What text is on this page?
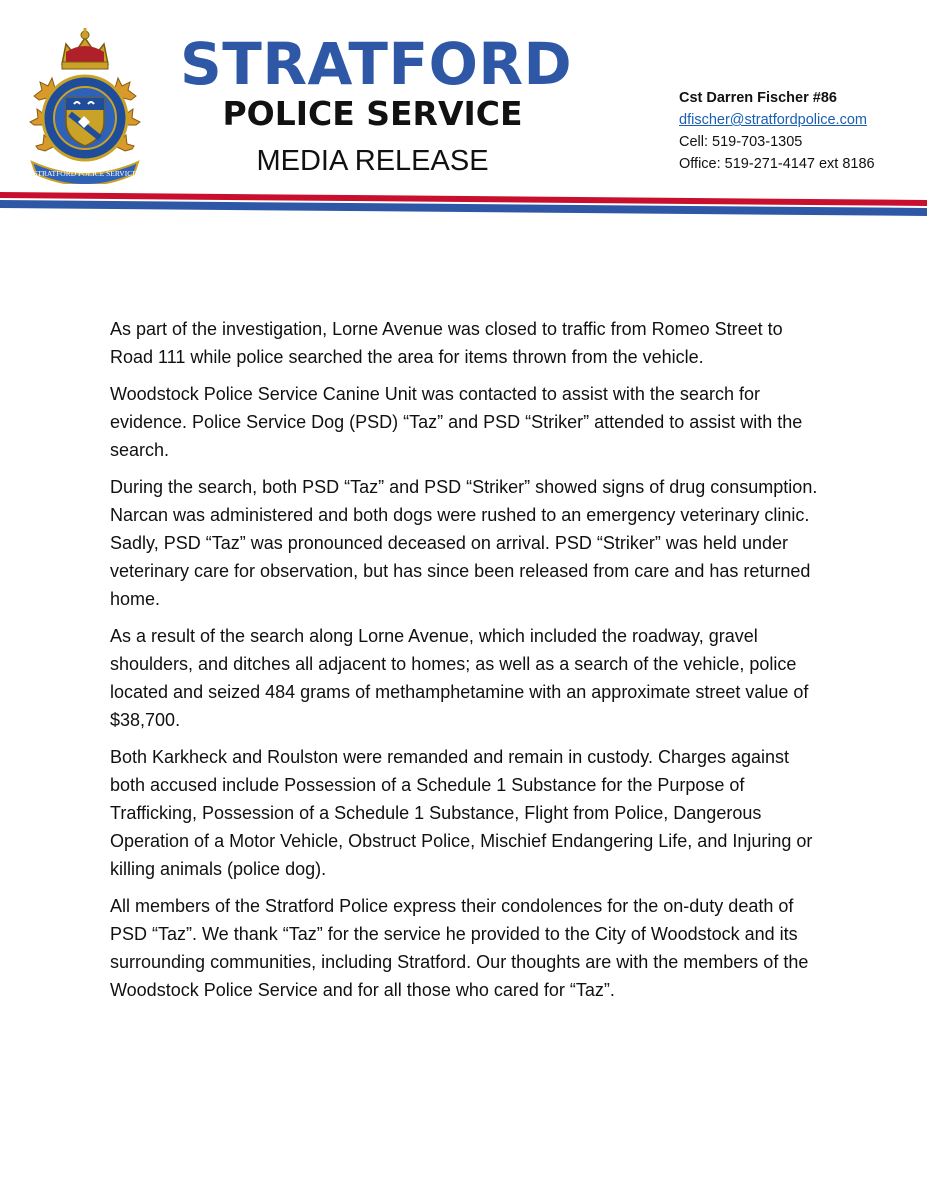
STRATFORD POLICE SERVICE
STRATFORD
POLICE SERVICE
MEDIA RELEASE
Cst Darren Fischer #86
dfischer@stratfordpolice.com
Cell: 519-703-1305
Office: 519-271-4147 ext 8186

As part of the investigation, Lorne Avenue was closed to traffic from Romeo Street to Road 111 while police searched the area for items thrown from the vehicle.

Woodstock Police Service Canine Unit was contacted to assist with the search for evidence. Police Service Dog (PSD) “Taz” and PSD “Striker” attended to assist with the search.

During the search, both PSD “Taz” and PSD “Striker” showed signs of drug consumption. Narcan was administered and both dogs were rushed to an emergency veterinary clinic. Sadly, PSD “Taz” was pronounced deceased on arrival. PSD “Striker” was held under veterinary care for observation, but has since been released from care and has returned home.

As a result of the search along Lorne Avenue, which included the roadway, gravel shoulders, and ditches all adjacent to homes; as well as a search of the vehicle, police located and seized 484 grams of methamphetamine with an approximate street value of $38,700.

Both Karkheck and Roulston were remanded and remain in custody. Charges against both accused include Possession of a Schedule 1 Substance for the Purpose of Trafficking, Possession of a Schedule 1 Substance, Flight from Police, Dangerous Operation of a Motor Vehicle, Obstruct Police, Mischief Endangering Life, and Injuring or killing animals (police dog).

All members of the Stratford Police express their condolences for the on-duty death of PSD “Taz”. We thank “Taz” for the service he provided to the City of Woodstock and its surrounding communities, including Stratford. Our thoughts are with the members of the Woodstock Police Service and for all those who cared for “Taz”.
